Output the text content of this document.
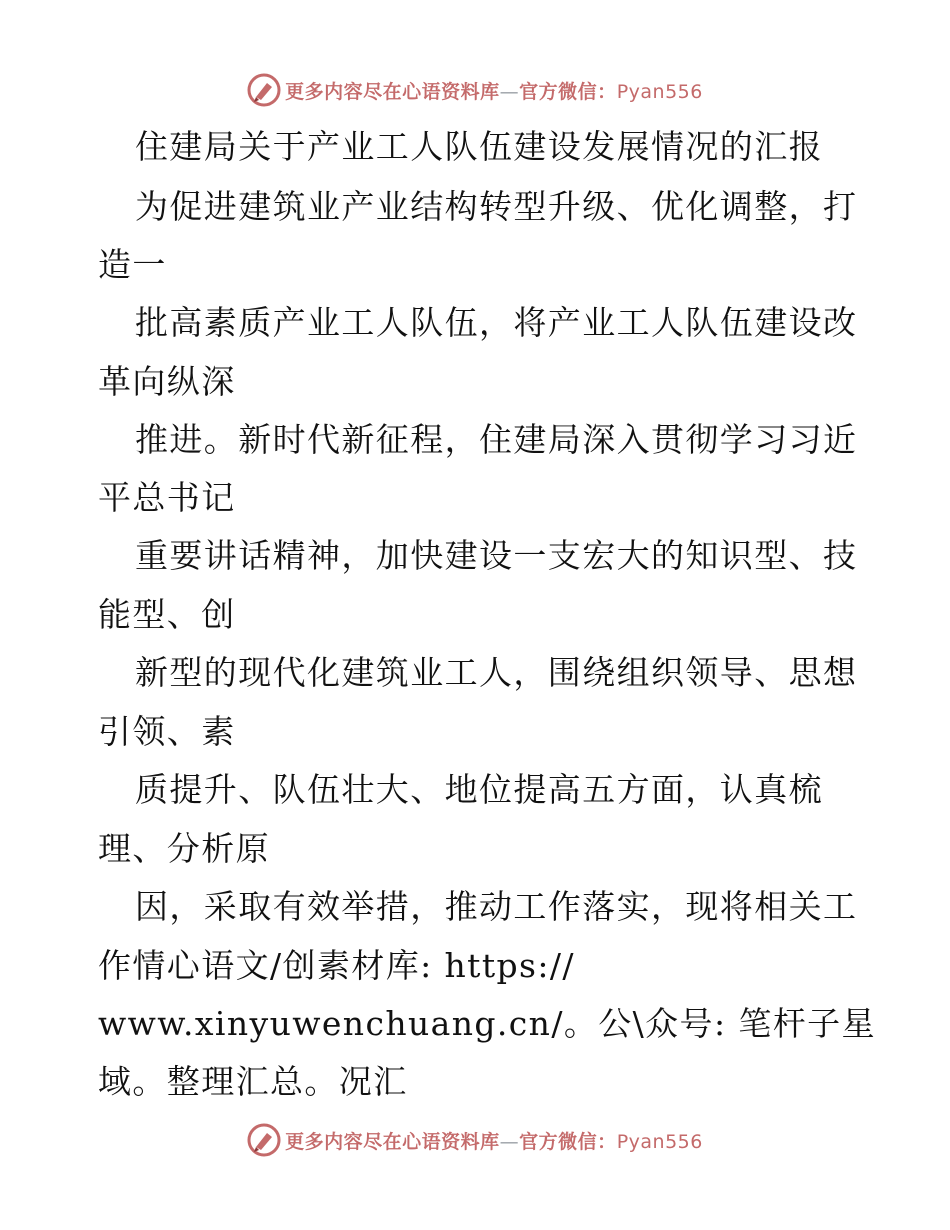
更多内容尽在心语资料库—官方微信：Pyan556
住建局关于产业工人队伍建设发展情况的汇报
为促进建筑业产业结构转型升级、优化调整，打
造一
批高素质产业工人队伍，将产业工人队伍建设改
革向纵深
推进。新时代新征程，住建局深入贯彻学习习近
平总书记
重要讲话精神，加快建设一支宏大的知识型、技
能型、创
新型的现代化建筑业工人，围绕组织领导、思想
引领、素
质提升、队伍壮大、地位提高五方面，认真梳
理、分析原
因，采取有效举措，推动工作落实，现将相关工
作情心语文/创素材库: https://
www.xinyuwenchuang.cn/。公\众号: 笔杆子星
域。整理汇总。况汇
更多内容尽在心语资料库—官方微信：Pyan556
